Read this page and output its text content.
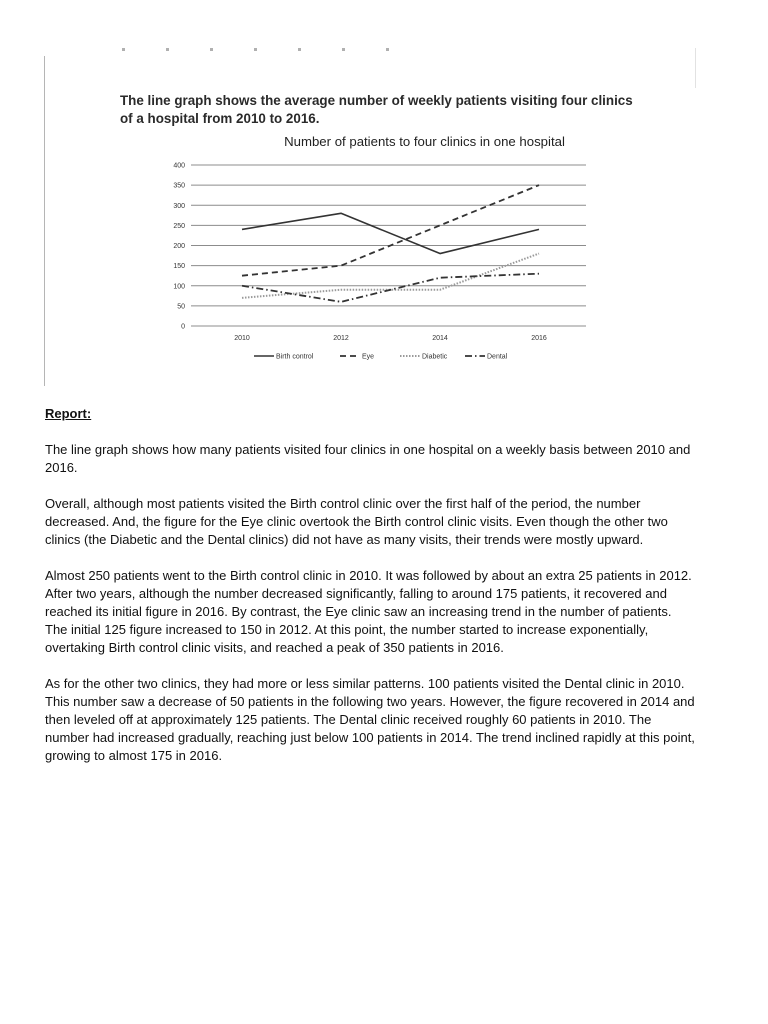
The line graph shows the average number of weekly patients visiting four clinics of a hospital from 2010 to 2016.
Number of patients to four clinics in one hospital
0
50
100
150
200
250
300
350
400
2010	2012	2014	2016
Birth control	Eye	Diabetic	Dental
Report:

The line graph shows how many patients visited four clinics in one hospital on a weekly basis between 2010 and 2016.

Overall, although most patients visited the Birth control clinic over the first half of the period, the number decreased. And, the figure for the Eye clinic overtook the Birth control clinic visits. Even though the other two clinics (the Diabetic and the Dental clinics) did not have as many visits, their trends were mostly upward.

Almost 250 patients went to the Birth control clinic in 2010. It was followed by about an extra 25 patients in 2012. After two years, although the number decreased significantly, falling to around 175 patients, it recovered and reached its initial figure in 2016. By contrast, the Eye clinic saw an increasing trend in the number of patients. The initial 125 figure increased to 150 in 2012. At this point, the number started to increase exponentially, overtaking Birth control clinic visits, and reached a peak of 350 patients in 2016.

As for the other two clinics, they had more or less similar patterns. 100 patients visited the Dental clinic in 2010. This number saw a decrease of 50 patients in the following two years. However, the figure recovered in 2014 and then leveled off at approximately 125 patients. The Dental clinic received roughly 60 patients in 2010. The number had increased gradually, reaching just below 100 patients in 2014. The trend inclined rapidly at this point, growing to almost 175 in 2016.
